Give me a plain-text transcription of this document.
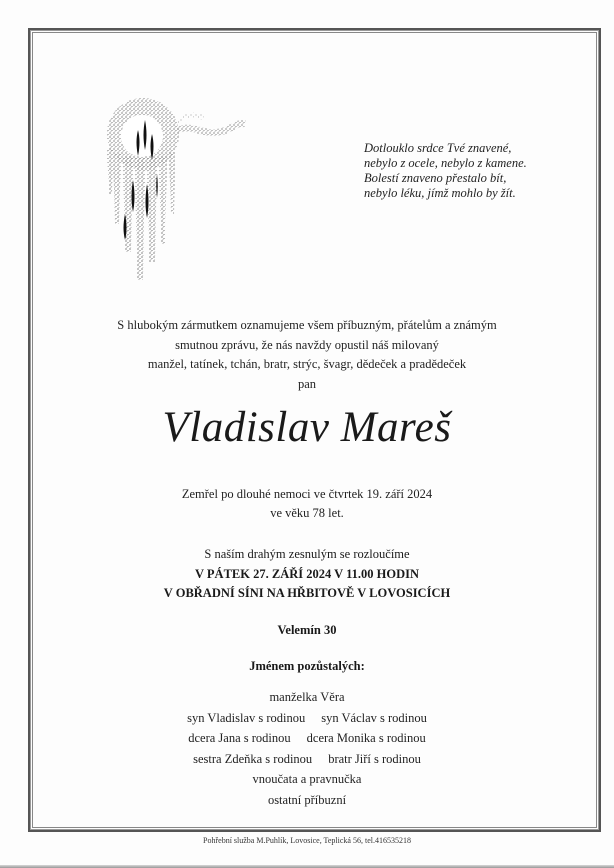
Dotlouklo srdce Tvé znavené,
nebylo z ocele, nebylo z kamene.
Bolestí znaveno přestalo bít,
nebylo léku, jímž mohlo by žít.
S hlubokým zármutkem oznamujeme všem příbuzným, přátelům a známým
smutnou zprávu, že nás navždy opustil náš milovaný
manžel, tatínek, tchán, bratr, strýc, švagr, dědeček a pradědeček
pan
Vladislav Mareš
Zemřel po dlouhé nemoci ve čtvrtek 19. září 2024
ve věku 78 let.
S naším drahým zesnulým se rozloučíme
V PÁTEK 27. ZÁŘÍ 2024 V 11.00 HODIN
V OBŘADNÍ SÍNI NA HŘBITOVĚ V LOVOSICÍCH
Velemín 30
Jménem pozůstalých:
manželka Věra
syn Vladislav s rodinou syn Václav s rodinou
dcera Jana s rodinou dcera Monika s rodinou
sestra Zdeňka s rodinou bratr Jiří s rodinou
vnoučata a pravnučka
ostatní příbuzní
Pohřební služba M.Puhlík, Lovosice, Teplická 56, tel.416535218
